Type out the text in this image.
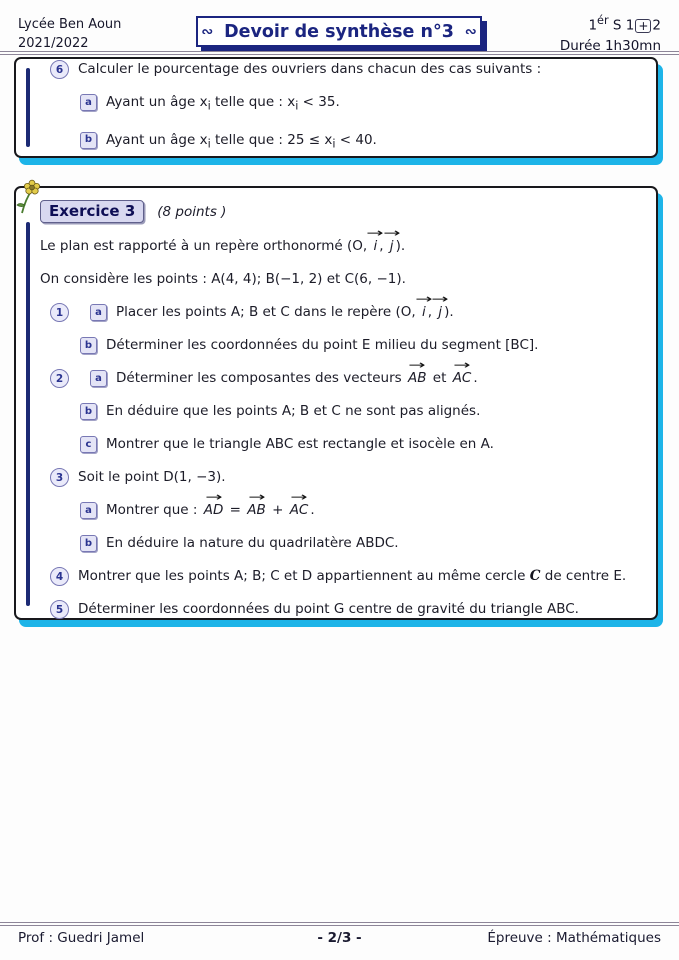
Lycée Ben Aoun
2021/2022
∾ Devoir de synthèse n°3 ∾	$1^{ér}$ S 1 + 2
Durée 1h30mn
6	Calculer le pourcentage des ouvriers dans chacun des cas suivants :
a	Ayant un âge $x_i$ telle que : $x_i < 35$.
b	Ayant un âge $x_i$ telle que : $25 \le x_i < 40$.
Exercice 3	(8 points )

Le plan est rapporté à un repère orthonormé (O, → i , → j ).

On considère les points : A(4, 4); B(−1, 2) et C(6, −1).

1	a	Placer les points A; B et C dans le repère (O, → i , → j ).
b	Déterminer les coordonnées du point E milieu du segment [BC].
2	a	Déterminer les composantes des vecteurs → AB et → AC .
b	En déduire que les points A; B et C ne sont pas alignés.
c	Montrer que le triangle ABC est rectangle et isocèle en A.
3	Soit le point D(1, −3).
a	Montrer que : → AD = → AB + → AC .
b	En déduire la nature du quadrilatère ABDC.
4	Montrer que les points A; B; C et D appartiennent au même cercle C de centre E.
5	Déterminer les coordonnées du point G centre de gravité du triangle ABC.
Prof : Guedri Jamel	- 2/3 -	Épreuve : Mathématiques
